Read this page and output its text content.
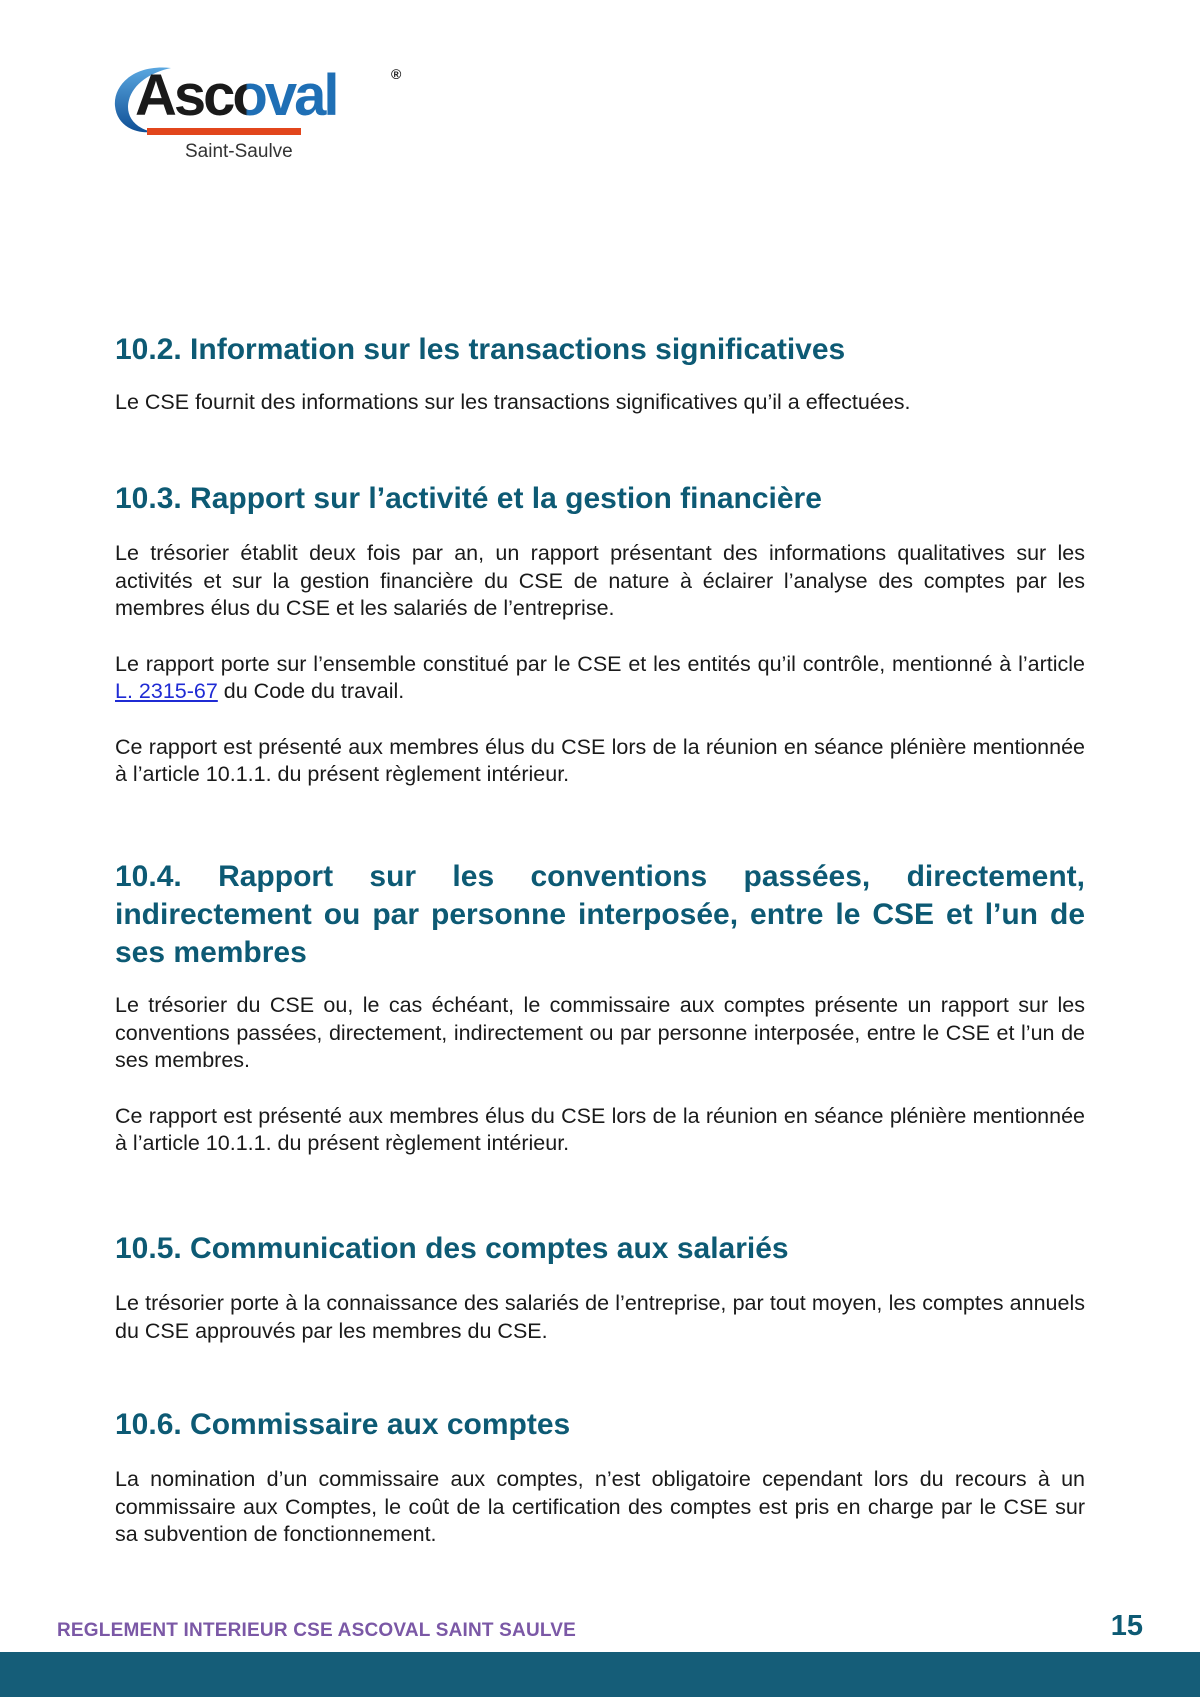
Ascoval	®
Saint-Saulve
10.2. Information sur les transactions significatives

Le CSE fournit des informations sur les transactions significatives qu’il a effectuées.

10.3. Rapport sur l’activité et la gestion financière

Le trésorier établit deux fois par an, un rapport présentant des informations qualitatives sur les activités et sur la gestion financière du CSE de nature à éclairer l’analyse des comptes par les membres élus du CSE et les salariés de l’entreprise.

Le rapport porte sur l’ensemble constitué par le CSE et les entités qu’il contrôle, mentionné à l’article L. 2315-67 du Code du travail.

Ce rapport est présenté aux membres élus du CSE lors de la réunion en séance plénière mentionnée à l’article 10.1.1. du présent règlement intérieur.

10.4. Rapport sur les conventions passées, directement, indirectement ou par personne interposée, entre le CSE et l’un de ses membres

Le trésorier du CSE ou, le cas échéant, le commissaire aux comptes présente un rapport sur les conventions passées, directement, indirectement ou par personne interposée, entre le CSE et l’un de ses membres.

Ce rapport est présenté aux membres élus du CSE lors de la réunion en séance plénière mentionnée à l’article 10.1.1. du présent règlement intérieur.

10.5. Communication des comptes aux salariés

Le trésorier porte à la connaissance des salariés de l’entreprise, par tout moyen, les comptes annuels du CSE approuvés par les membres du CSE.

10.6. Commissaire aux comptes

La nomination d’un commissaire aux comptes, n’est obligatoire cependant lors du recours à un commissaire aux Comptes, le coût de la certification des comptes est pris en charge par le CSE sur sa subvention de fonctionnement.

REGLEMENT INTERIEUR CSE ASCOVAL SAINT SAULVE	15
